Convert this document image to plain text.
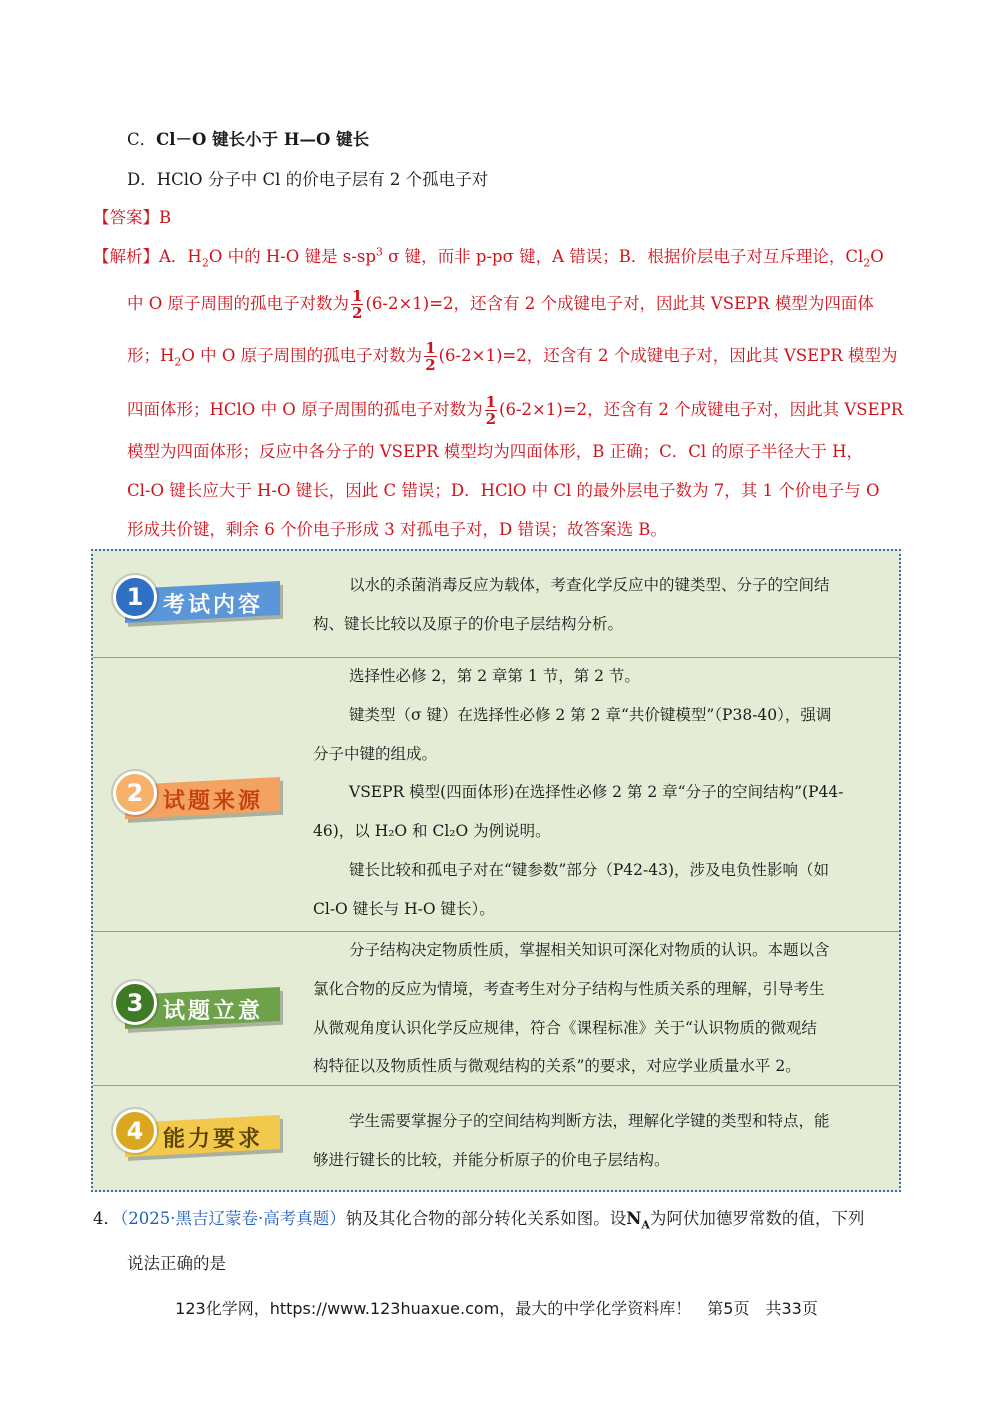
C．Cl－O 键长小于 H—O 键长
D．HClO 分子中 Cl 的价电子层有 2 个孤电子对
【答案】B
【解析】A．$H_2O$ 中的 H-O 键是 $s-sp^3$ σ 键，而非 p-pσ 键，A 错误；B．根据价层电子对互斥理论，$Cl_2O$
中 O 原子周围的孤电子对数为 $\frac{1}{2} (6-2\times 1)=2$，还含有 2 个成键电子对，因此其 VSEPR 模型为四面体
形；$H_2O$ 中 O 原子周围的孤电子对数为 $\frac{1}{2} (6-2\times 1)=2$，还含有 2 个成键电子对，因此其 VSEPR 模型为
四面体形；HClO 中 O 原子周围的孤电子对数为 $\frac{1}{2} (6-2\times 1)=2$，还含有 2 个成键电子对，因此其 VSEPR
模型为四面体形；反应中各分子的 VSEPR 模型均为四面体形，B 正确；C．Cl 的原子半径大于 H，
Cl-O 键长应大于 H-O 键长，因此 C 错误；D．HClO 中 Cl 的最外层电子数为 7，其 1 个价电子与 O
形成共价键，剩余 6 个价电子形成 3 对孤电子对，D 错误；故答案选 B。
1 考试内容

以水的杀菌消毒反应为载体，考查化学反应中的键类型、分子的空间结

构、键长比较以及原子的价电子层结构分析。

2 试题来源

选择性必修 2，第 2 章第 1 节，第 2 节。

键类型（σ 键）在选择性必修 2 第 2 章“共价键模型”（P38-40），强调

分子中键的组成。

VSEPR 模型(四面体形)在选择性必修 2 第 2 章“分子的空间结构”(P44-

46)，以 H₂O 和 Cl₂O 为例说明。

键长比较和孤电子对在“键参数”部分（P42-43)，涉及电负性影响（如

Cl-O 键长与 H-O 键长）。

3 试题立意

分子结构决定物质性质，掌握相关知识可深化对物质的认识。本题以含

氯化合物的反应为情境，考查考生对分子结构与性质关系的理解，引导考生

从微观角度认识化学反应规律，符合《课程标准》关于“认识物质的微观结

构特征以及物质性质与微观结构的关系”的要求，对应学业质量水平 2。

4 能力要求

学生需要掌握分子的空间结构判断方法，理解化学键的类型和特点，能

够进行键长的比较，并能分析原子的价电子层结构。

4．（2025·黑吉辽蒙卷·高考真题）钠及其化合物的部分转化关系如图。设$N_A$为阿伏加德罗常数的值，下列
说法正确的是
123化学网，https://www.123huaxue.com，最大的中学化学资料库！　第5页　共33页
